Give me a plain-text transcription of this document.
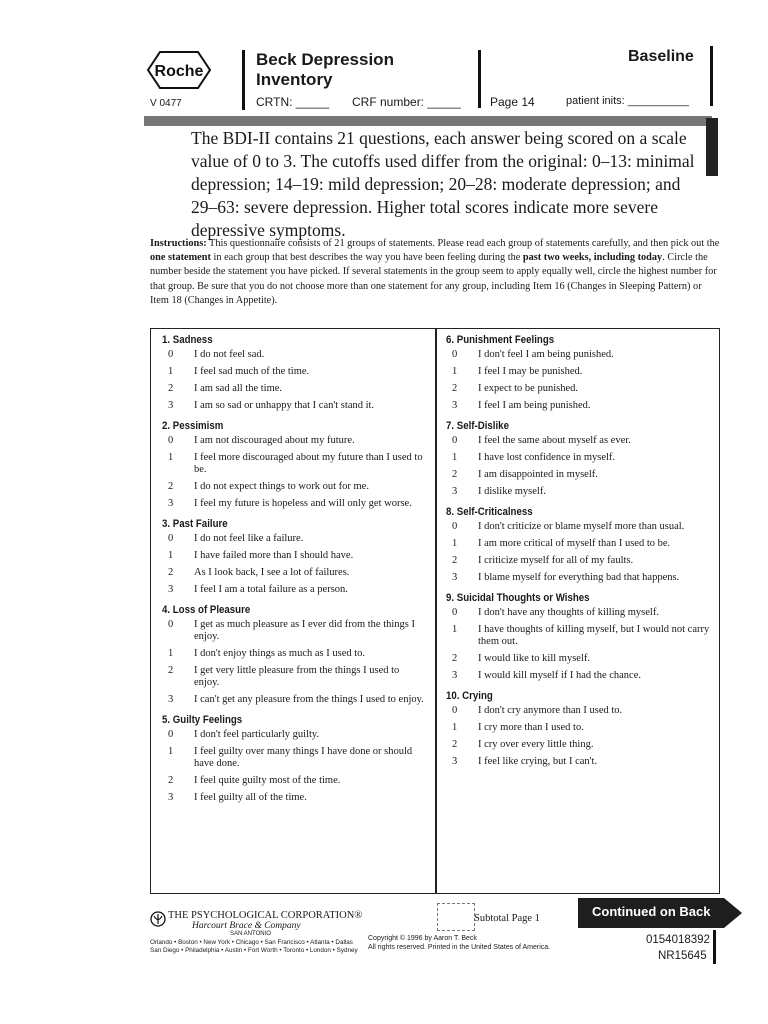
Roche
V 0477
Beck Depression
Inventory
CRTN: _____ CRF number: _____ Page 14	patient inits: __________
Baseline
The BDI-II contains 21 questions, each answer being scored on a scale value of 0 to 3. The cutoffs used differ from the original: 0–13: minimal depression; 14–19: mild depression; 20–28: moderate depression; and 29–63: severe depression. Higher total scores indicate more severe depressive symptoms.
Instructions: This questionnaire consists of 21 groups of statements. Please read each group of statements carefully, and then pick out the one statement in each group that best describes the way you have been feeling during the past two weeks, including today. Circle the number beside the statement you have picked. If several statements in the group seem to apply equally well, circle the highest number for that group. Be sure that you do not choose more than one statement for any group, including Item 16 (Changes in Sleeping Pattern) or Item 18 (Changes in Appetite).
1. Sadness
0	I do not feel sad.
1	I feel sad much of the time.
2	I am sad all the time.
3	I am so sad or unhappy that I can't stand it.
2. Pessimism
0	I am not discouraged about my future.
1	I feel more discouraged about my future than I used to be.
2	I do not expect things to work out for me.
3	I feel my future is hopeless and will only get worse.
3. Past Failure
0	I do not feel like a failure.
1	I have failed more than I should have.
2	As I look back, I see a lot of failures.
3	I feel I am a total failure as a person.
4. Loss of Pleasure
0	I get as much pleasure as I ever did from the things I enjoy.
1	I don't enjoy things as much as I used to.
2	I get very little pleasure from the things I used to enjoy.
3	I can't get any pleasure from the things I used to enjoy.
5. Guilty Feelings
0	I don't feel particularly guilty.
1	I feel guilty over many things I have done or should have done.
2	I feel quite guilty most of the time.
3	I feel guilty all of the time.
6. Punishment Feelings
0	I don't feel I am being punished.
1	I feel I may be punished.
2	I expect to be punished.
3	I feel I am being punished.
7. Self-Dislike
0	I feel the same about myself as ever.
1	I have lost confidence in myself.
2	I am disappointed in myself.
3	I dislike myself.
8. Self-Criticalness
0	I don't criticize or blame myself more than usual.
1	I am more critical of myself than I used to be.
2	I criticize myself for all of my faults.
3	I blame myself for everything bad that happens.
9. Suicidal Thoughts or Wishes
0	I don't have any thoughts of killing myself.
1	I have thoughts of killing myself, but I would not carry them out.
2	I would like to kill myself.
3	I would kill myself if I had the chance.
10. Crying
0	I don't cry anymore than I used to.
1	I cry more than I used to.
2	I cry over every little thing.
3	I feel like crying, but I can't.
THE PSYCHOLOGICAL CORPORATION®
Harcourt Brace & Company
SAN ANTONIO
Orlando • Boston • New York • Chicago • San Francisco • Atlanta • Dallas
San Diego • Philadelphia • Austin • Fort Worth • Toronto • London • Sydney
Subtotal Page 1
Copyright © 1996 by Aaron T. Beck
All rights reserved. Printed in the United States of America.
Continued on Back
0154018392
NR15645
